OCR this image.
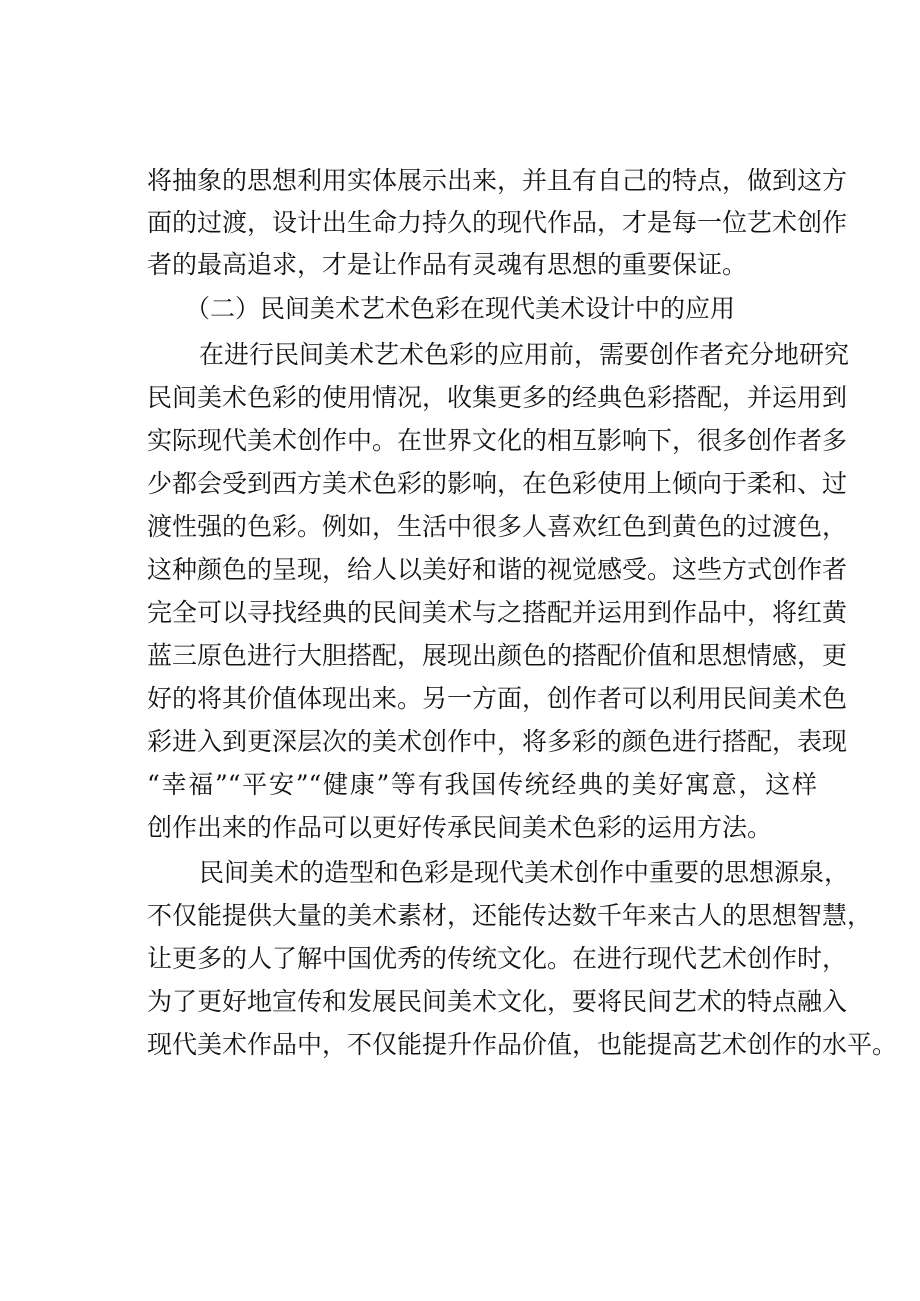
将抽象的思想利用实体展示出来，并且有自己的特点，做到这方
面的过渡，设计出生命力持久的现代作品，才是每一位艺术创作
者的最高追求，才是让作品有灵魂有思想的重要保证。
（二）民间美术艺术色彩在现代美术设计中的应用
在进行民间美术艺术色彩的应用前，需要创作者充分地研究
民间美术色彩的使用情况，收集更多的经典色彩搭配，并运用到
实际现代美术创作中。在世界文化的相互影响下，很多创作者多
少都会受到西方美术色彩的影响，在色彩使用上倾向于柔和、过
渡性强的色彩。例如，生活中很多人喜欢红色到黄色的过渡色，
这种颜色的呈现，给人以美好和谐的视觉感受。这些方式创作者
完全可以寻找经典的民间美术与之搭配并运用到作品中，将红黄
蓝三原色进行大胆搭配，展现出颜色的搭配价值和思想情感，更
好的将其价值体现出来。另一方面，创作者可以利用民间美术色
彩进入到更深层次的美术创作中，将多彩的颜色进行搭配，表现
“幸福”“平安”“健康”等有我国传统经典的美好寓意，这样
创作出来的作品可以更好传承民间美术色彩的运用方法。
民间美术的造型和色彩是现代美术创作中重要的思想源泉，
不仅能提供大量的美术素材，还能传达数千年来古人的思想智慧，
让更多的人了解中国优秀的传统文化。在进行现代艺术创作时，
为了更好地宣传和发展民间美术文化，要将民间艺术的特点融入
现代美术作品中，不仅能提升作品价值，也能提高艺术创作的水平。
